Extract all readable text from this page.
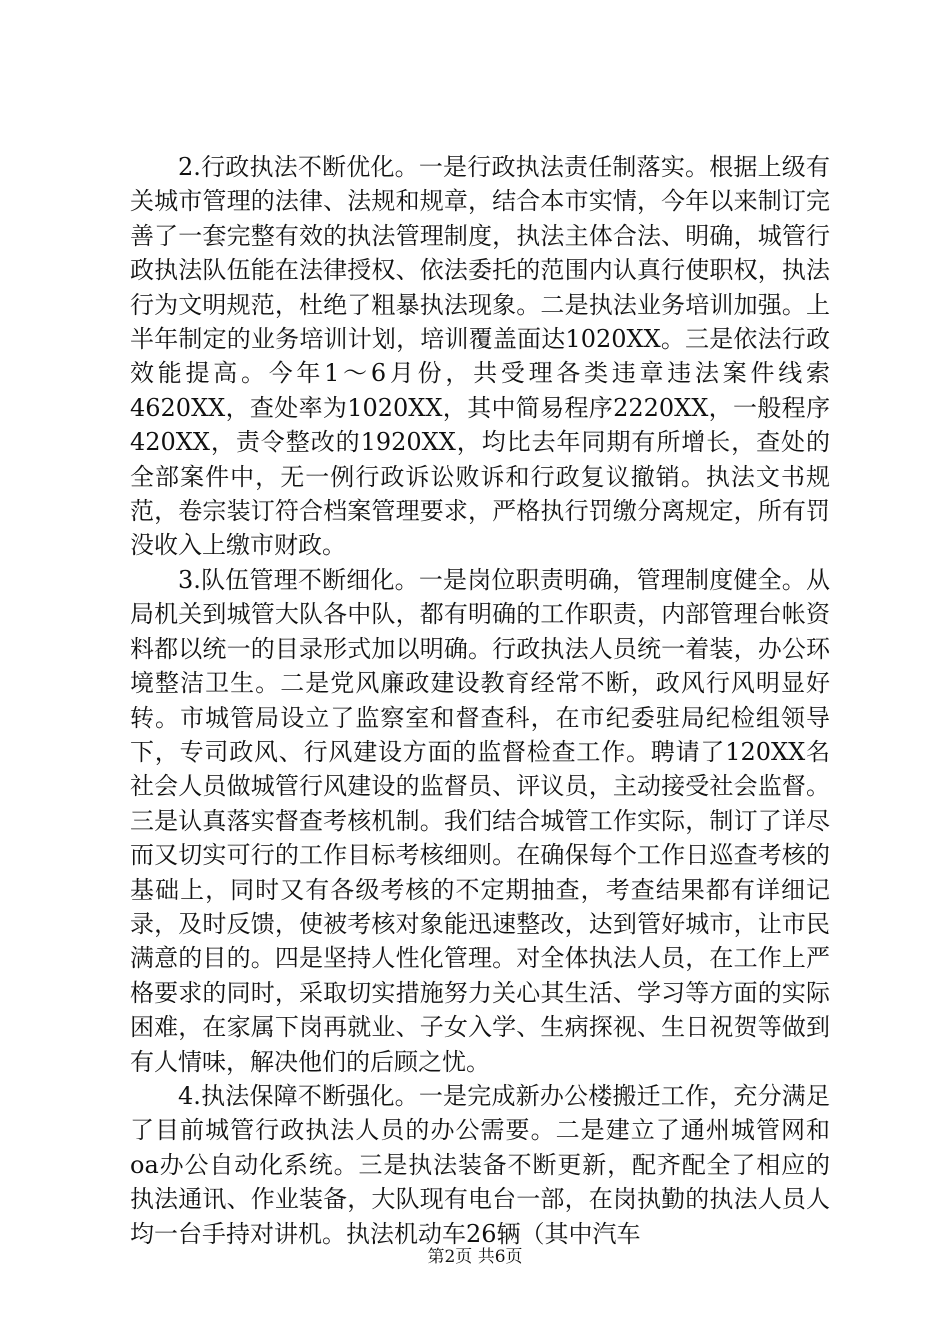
2.行政执法不断优化。一是行政执法责任制落实。根据上级有关城市管理的法律、法规和规章，结合本市实情，今年以来制订完善了一套完整有效的执法管理制度，执法主体合法、明确，城管行政执法队伍能在法律授权、依法委托的范围内认真行使职权，执法行为文明规范，杜绝了粗暴执法现象。二是执法业务培训加强。上半年制定的业务培训计划，培训覆盖面达1020XX。三是依法行政效能提高。今年1～6月份，共受理各类违章违法案件线索4620XX，查处率为1020XX，其中简易程序2220XX，一般程序420XX，责令整改的1920XX，均比去年同期有所增长，查处的全部案件中，无一例行政诉讼败诉和行政复议撤销。执法文书规范，卷宗装订符合档案管理要求，严格执行罚缴分离规定，所有罚没收入上缴市财政。

3.队伍管理不断细化。一是岗位职责明确，管理制度健全。从局机关到城管大队各中队，都有明确的工作职责，内部管理台帐资料都以统一的目录形式加以明确。行政执法人员统一着装，办公环境整洁卫生。二是党风廉政建设教育经常不断，政风行风明显好转。市城管局设立了监察室和督查科，在市纪委驻局纪检组领导下，专司政风、行风建设方面的监督检查工作。聘请了120XX名社会人员做城管行风建设的监督员、评议员，主动接受社会监督。三是认真落实督查考核机制。我们结合城管工作实际，制订了详尽而又切实可行的工作目标考核细则。在确保每个工作日巡查考核的基础上，同时又有各级考核的不定期抽查，考查结果都有详细记录，及时反馈，使被考核对象能迅速整改，达到管好城市，让市民满意的目的。四是坚持人性化管理。对全体执法人员，在工作上严格要求的同时，采取切实措施努力关心其生活、学习等方面的实际困难，在家属下岗再就业、子女入学、生病探视、生日祝贺等做到有人情味，解决他们的后顾之忧。

4.执法保障不断强化。一是完成新办公楼搬迁工作，充分满足了目前城管行政执法人员的办公需要。二是建立了通州城管网和oa办公自动化系统。三是执法装备不断更新，配齐配全了相应的执法通讯、作业装备，大队现有电台一部，在岗执勤的执法人员人均一台手持对讲机。执法机动车26辆（其中汽车

第2页 共6页
